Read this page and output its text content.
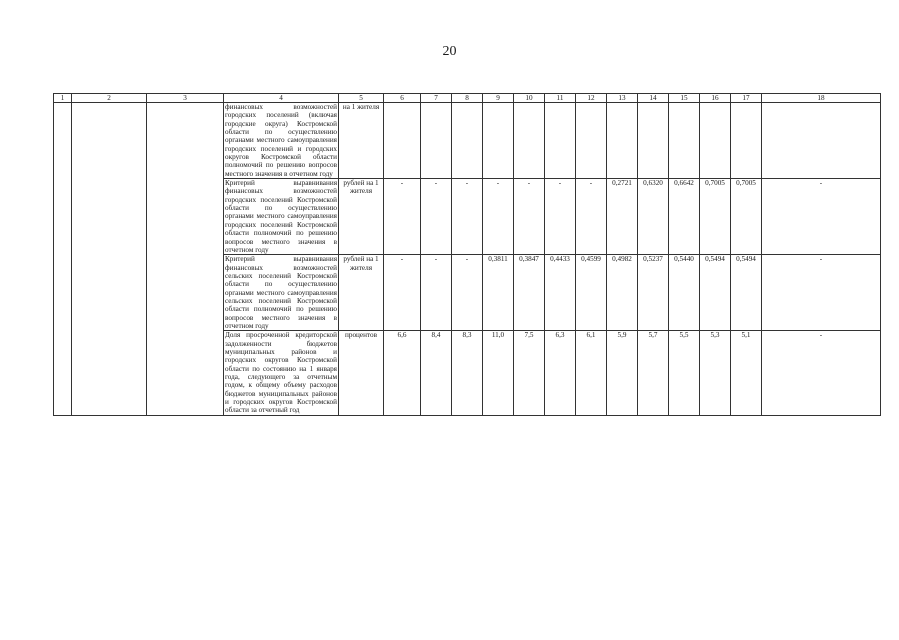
20
1	2	3	4	5	6	7	8	9	10	11	12	13	14	15	16	17	18
			финансовых возможностей городских поселений (включая городские округа) Костромской области по осуществлению органами местного самоуправления городских поселений и городских округов Костромской области полномочий по решению вопросов местного значения в отчетном году	на 1 жителя													
			Критерий выравнивания финансовых возможностей городских поселений Костромской области по осуществлению органами местного самоуправления городских поселений Костромской области полномочий по решению вопросов местного значения в отчетном году	рублей на 1 жителя	-	-	-	-	-	-	-	0,2721	0,6320	0,6642	0,7005	0,7005	-
			Критерий выравнивания финансовых возможностей сельских поселений Костромской области по осуществлению органами местного самоуправления сельских поселений Костромской области полномочий по решению вопросов местного значения в отчетном году	рублей на 1 жителя	-	-	-	0,3811	0,3847	0,4433	0,4599	0,4982	0,5237	0,5440	0,5494	0,5494	-
			Доля просроченной кредиторской задолженности бюджетов муниципальных районов и городских округов Костромской области по состоянию на 1 января года, следующего за отчетным годом, к общему объему расходов бюджетов муниципальных районов и городских округов Костромской области за отчетный год	процентов	6,6	8,4	8,3	11,0	7,5	6,3	6,1	5,9	5,7	5,5	5,3	5,1	-
